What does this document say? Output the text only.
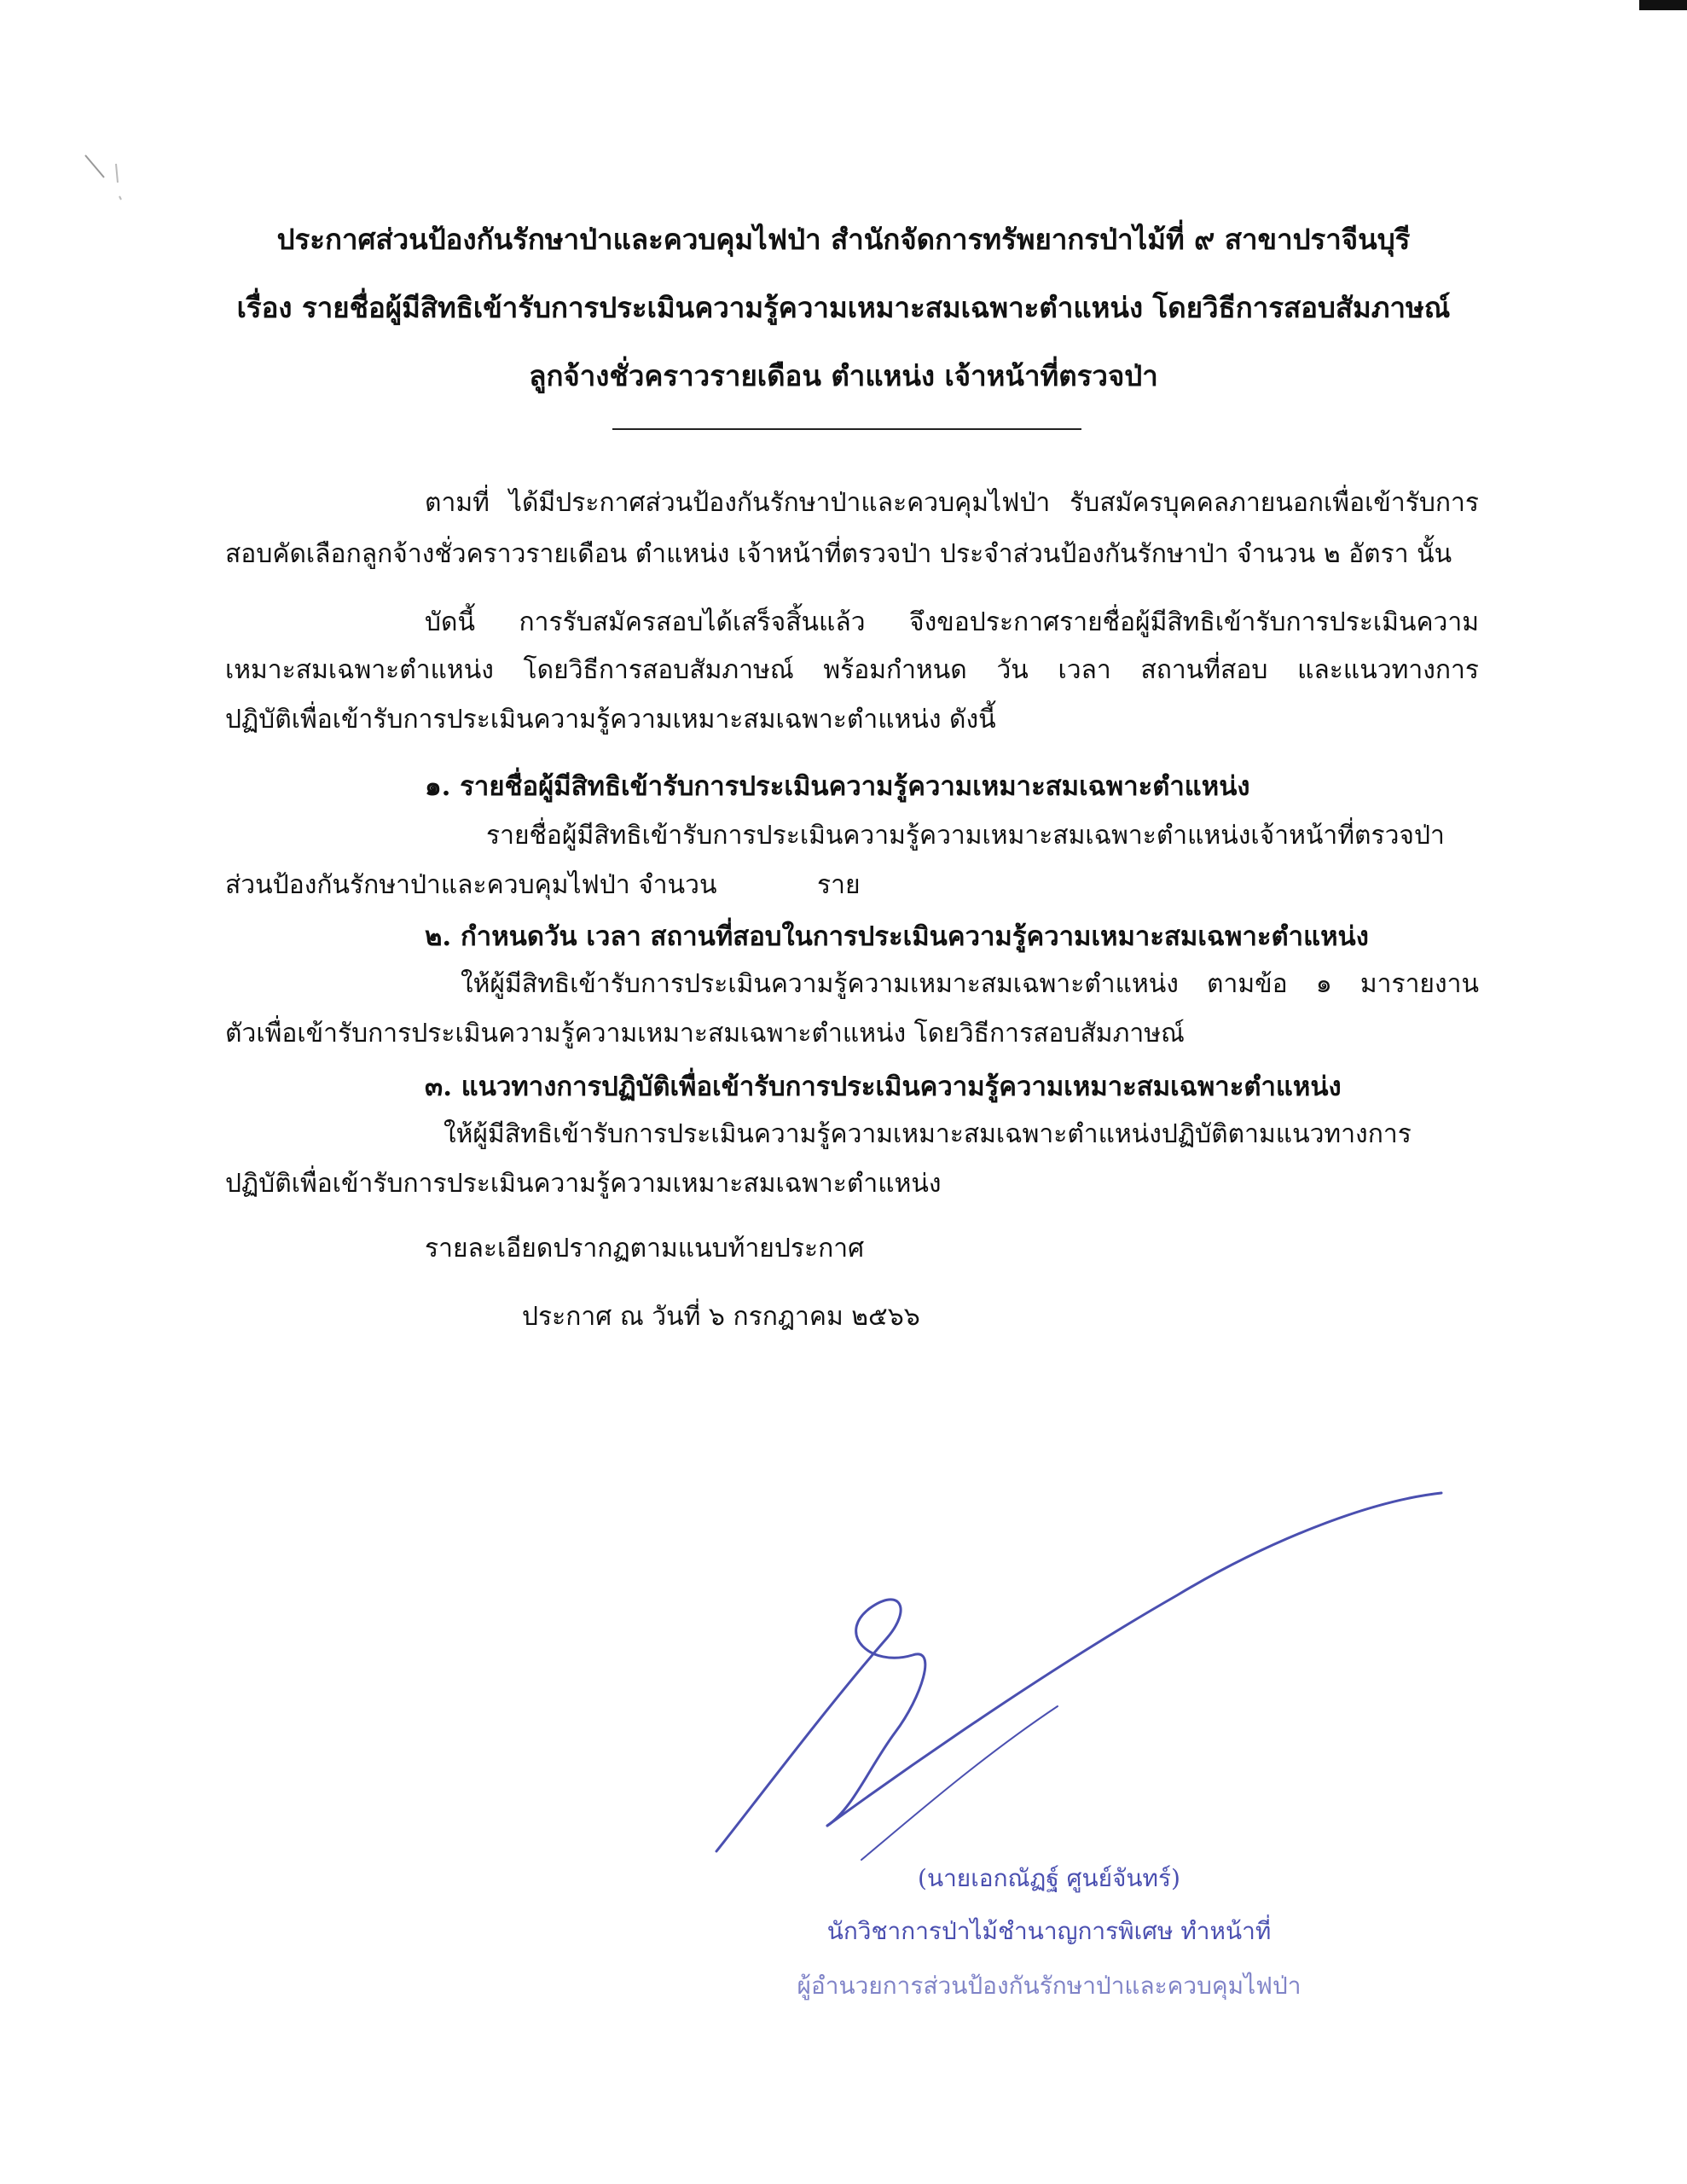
ประกาศส่วนป้องกันรักษาป่าและควบคุมไฟป่า สำนักจัดการทรัพยากรป่าไม้ที่ ๙ สาขาปราจีนบุรี
เรื่อง รายชื่อผู้มีสิทธิเข้ารับการประเมินความรู้ความเหมาะสมเฉพาะตำแหน่ง โดยวิธีการสอบสัมภาษณ์
ลูกจ้างชั่วคราวรายเดือน ตำแหน่ง เจ้าหน้าที่ตรวจป่า
ตามที่ ได้มีประกาศส่วนป้องกันรักษาป่าและควบคุมไฟป่า รับสมัครบุคคลภายนอกเพื่อเข้ารับการ
สอบคัดเลือกลูกจ้างชั่วคราวรายเดือน ตำแหน่ง เจ้าหน้าที่ตรวจป่า ประจำส่วนป้องกันรักษาป่า จำนวน ๒ อัตรา นั้น
บัดนี้ การรับสมัครสอบได้เสร็จสิ้นแล้ว จึงขอประกาศรายชื่อผู้มีสิทธิเข้ารับการประเมินความ
เหมาะสมเฉพาะตำแหน่ง โดยวิธีการสอบสัมภาษณ์ พร้อมกำหนด วัน เวลา สถานที่สอบ และแนวทางการ
ปฏิบัติเพื่อเข้ารับการประเมินความรู้ความเหมาะสมเฉพาะตำแหน่ง ดังนี้
๑. รายชื่อผู้มีสิทธิเข้ารับการประเมินความรู้ความเหมาะสมเฉพาะตำแหน่ง
รายชื่อผู้มีสิทธิเข้ารับการประเมินความรู้ความเหมาะสมเฉพาะตำแหน่งเจ้าหน้าที่ตรวจป่า
ส่วนป้องกันรักษาป่าและควบคุมไฟป่า จำนวน	ราย
๒. กำหนดวัน เวลา สถานที่สอบในการประเมินความรู้ความเหมาะสมเฉพาะตำแหน่ง
ให้ผู้มีสิทธิเข้ารับการประเมินความรู้ความเหมาะสมเฉพาะตำแหน่ง ตามข้อ ๑ มารายงาน
ตัวเพื่อเข้ารับการประเมินความรู้ความเหมาะสมเฉพาะตำแหน่ง โดยวิธีการสอบสัมภาษณ์
๓. แนวทางการปฏิบัติเพื่อเข้ารับการประเมินความรู้ความเหมาะสมเฉพาะตำแหน่ง
ให้ผู้มีสิทธิเข้ารับการประเมินความรู้ความเหมาะสมเฉพาะตำแหน่งปฏิบัติตามแนวทางการ
ปฏิบัติเพื่อเข้ารับการประเมินความรู้ความเหมาะสมเฉพาะตำแหน่ง
รายละเอียดปรากฏตามแนบท้ายประกาศ
ประกาศ ณ วันที่ ๖ กรกฎาคม ๒๕๖๖
(นายเอกณัฏฐ์ ศูนย์จันทร์)
นักวิชาการป่าไม้ชำนาญการพิเศษ ทำหน้าที่
ผู้อำนวยการส่วนป้องกันรักษาป่าและควบคุมไฟป่า
